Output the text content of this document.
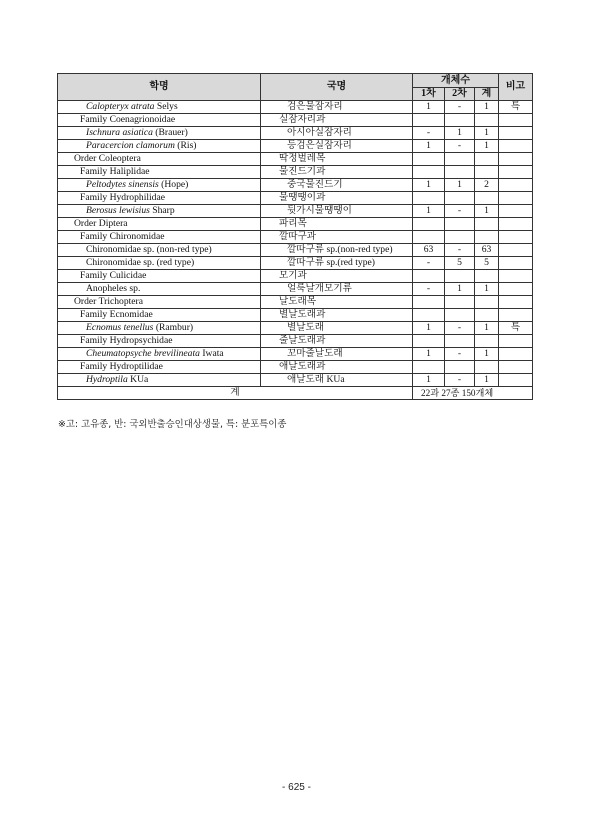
학명	국명	개체수			비고
		1차	2차	계	
Calopteryx atrata Selys	검은물잠자리	1	-	1	특
Family Coenagrionoidae	실잠자리과				
Ischnura asiatica (Brauer)	아시아실잠자리	-	1	1	
Paracercion clamorum (Ris)	등검은실잠자리	1	-	1	
Order Coleoptera	딱정벌레목				
Family Haliplidae	물진드기과				
Peltodytes sinensis (Hope)	중국물진드기	1	1	2	
Family Hydrophilidae	물땡땡이과				
Berosus lewisius Sharp	뒷가시물땡땡이	1	-	1	
Order Diptera	파리목				
Family Chironomidae	깔따구과				
Chironomidae sp. (non-red type)	깔따구류 sp.(non-red type)	63	-	63	
Chironomidae sp. (red type)	깔따구류 sp.(red type)	-	5	5	
Family Culicidae	모기과				
Anopheles sp.	얼룩날개모기류	-	1	1	
Order Trichoptera	날도래목				
Family Ecnomidae	별날도래과				
Ecnomus tenellus (Rambur)	별날도래	1	-	1	특
Family Hydropsychidae	줄날도래과				
Cheumatopsyche brevilineata Iwata	꼬마줄날도래	1	-	1	
Family Hydroptilidae	애날도래과				
Hydroptila KUa	애날도래 KUa	1	-	1	
계		22과 27종 150개체			
※고: 고유종, 반: 국외반출승인대상생물, 특: 분포특이종
- 625 -
